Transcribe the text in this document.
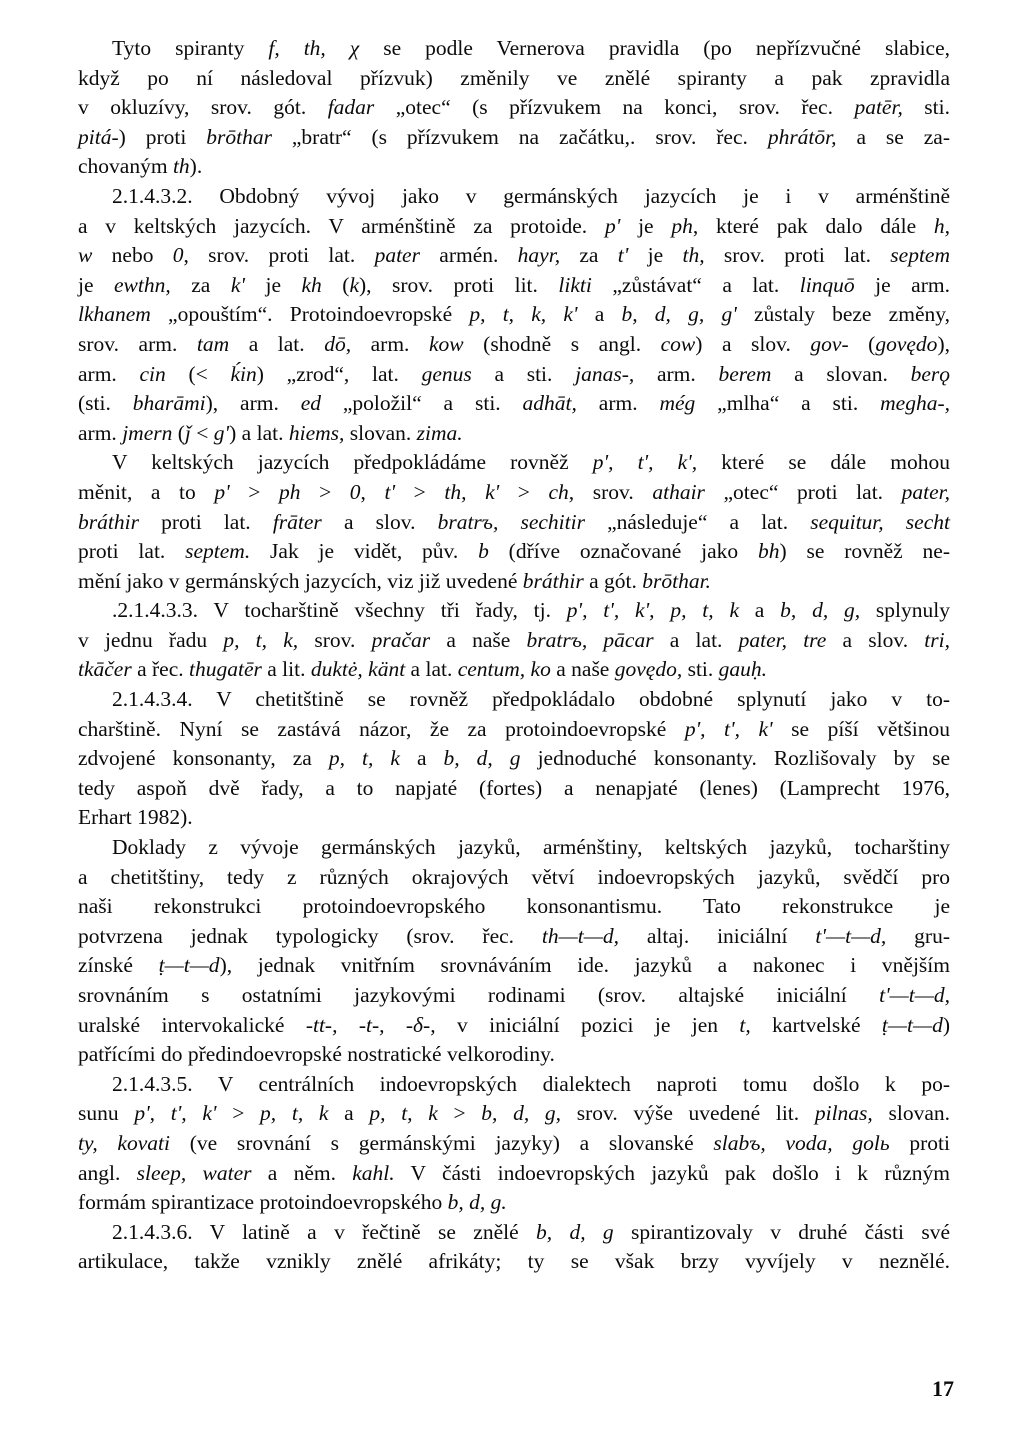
Tyto spiranty f, th, χ se podle Vernerova pravidla (po nepřízvučné slabice,
když po ní následoval přízvuk) změnily ve znělé spiranty a pak zpravidla
v okluzívy, srov. gót. fadar „otec“ (s přízvukem na konci, srov. řec. patēr, sti.
pitá-) proti brōthar „bratr“ (s přízvukem na začátku,. srov. řec. phrátōr, a se za-
chovaným th).
2.1.4.3.2. Obdobný vývoj jako v germánských jazycích je i v arménštině
a v keltských jazycích. V arménštině za protoide. p' je ph, které pak dalo dále h,
w nebo 0, srov. proti lat. pater armén. hayr, za t' je th, srov. proti lat. septem
je ewthn, za k' je kh (k), srov. proti lit. likti „zůstávat“ a lat. linquō je arm.
lkhanem „opouštím“. Protoindoevropské p, t, k, k' a b, d, g, g' zůstaly beze změny,
srov. arm. tam a lat. dō, arm. kow (shodně s angl. cow) a slov. gov- (govędo),
arm. cin (< ḱin) „zrod“, lat. genus a sti. janas-, arm. berem a slovan. berǫ
(sti. bharāmi), arm. ed „položil“ a sti. adhāt, arm. még „mlha“ a sti. megha-,
arm. jmern (ǰ < g') a lat. hiems, slovan. zima.
V keltských jazycích předpokládáme rovněž p', t', k', které se dále mohou
měnit, a to p' > ph > 0, t' > th, k' > ch, srov. athair „otec“ proti lat. pater,
bráthir proti lat. frāter a slov. bratrъ, sechitir „následuje“ a lat. sequitur, secht
proti lat. septem. Jak je vidět, pův. b (dříve označované jako bh) se rovněž ne-
mění jako v germánských jazycích, viz již uvedené bráthir a gót. brōthar.
.2.1.4.3.3. V tocharštině všechny tři řady, tj. p', t', k', p, t, k a b, d, g, splynuly
v jednu řadu p, t, k, srov. pračar a naše bratrъ, pācar a lat. pater, tre a slov. tri,
tkāčer a řec. thugatēr a lit. duktė, känt a lat. centum, ko a naše govędo, sti. gauḥ.
2.1.4.3.4. V chetitštině se rovněž předpokládalo obdobné splynutí jako v to-
charštině. Nyní se zastává názor, že za protoindoevropské p', t', k' se píší většinou
zdvojené konsonanty, za p, t, k a b, d, g jednoduché konsonanty. Rozlišovaly by se
tedy aspoň dvě řady, a to napjaté (fortes) a nenapjaté (lenes) (Lamprecht 1976,
Erhart 1982).
Doklady z vývoje germánských jazyků, arménštiny, keltských jazyků, tocharštiny
a chetitštiny, tedy z různých okrajových větví indoevropských jazyků, svědčí pro
naši rekonstrukci protoindoevropského konsonantismu. Tato rekonstrukce je
potvrzena jednak typologicky (srov. řec. th—t—d, altaj. iniciální t'—t—d, gru-
zínské ṭ—t—d), jednak vnitřním srovnáváním ide. jazyků a nakonec i vnějším
srovnáním s ostatními jazykovými rodinami (srov. altajské iniciální t'—t—d,
uralské intervokalické -tt-, -t-, -δ-, v iniciální pozici je jen t, kartvelské ṭ—t—d)
patřícími do předindoevropské nostratické velkorodiny.
2.1.4.3.5. V centrálních indoevropských dialektech naproti tomu došlo k po-
sunu p', t', k' > p, t, k a p, t, k > b, d, g, srov. výše uvedené lit. pilnas, slovan.
ty, kovati (ve srovnání s germánskými jazyky) a slovanské slabъ, voda, golь proti
angl. sleep, water a něm. kahl. V části indoevropských jazyků pak došlo i k různým
formám spirantizace protoindoevropského b, d, g.
2.1.4.3.6. V latině a v řečtině se znělé b, d, g spirantizovaly v druhé části své
artikulace, takže vznikly znělé afrikáty; ty se však brzy vyvíjely v neznělé.
17
